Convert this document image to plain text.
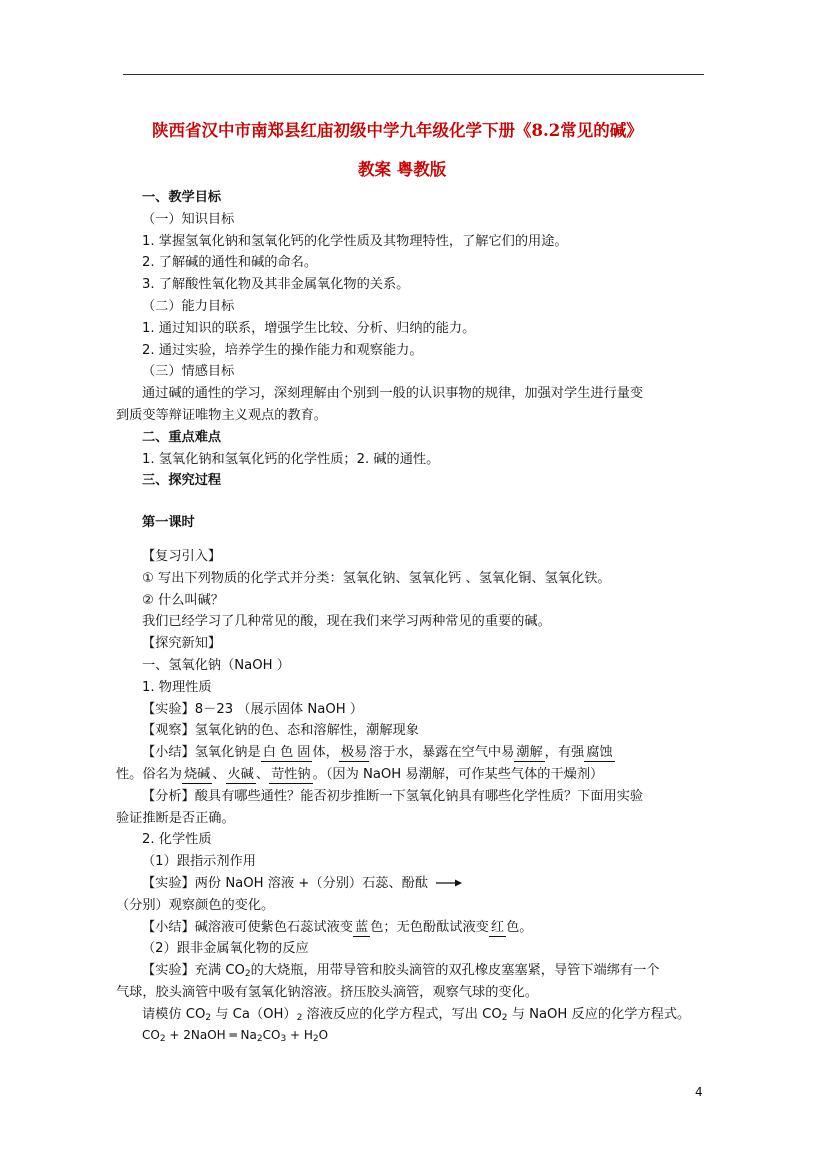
陕西省汉中市南郑县红庙初级中学九年级化学下册《8.2常见的碱》
教案 粤教版
一、教学目标
（一）知识目标
1. 掌握氢氧化钠和氢氧化钙的化学性质及其物理特性，了解它们的用途。
2. 了解碱的通性和碱的命名。
3. 了解酸性氧化物及其非金属氧化物的关系。
（二）能力目标
1. 通过知识的联系，增强学生比较、分析、归纳的能力。
2. 通过实验，培养学生的操作能力和观察能力。
（三）情感目标
通过碱的通性的学习，深刻理解由个别到一般的认识事物的规律，加强对学生进行量变
到质变等辩证唯物主义观点的教育。
二、重点难点
1. 氢氧化钠和氢氧化钙的化学性质；2. 碱的通性。
三、探究过程
第一课时
【复习引入】
① 写出下列物质的化学式并分类：氢氧化钠、氢氧化钙 、氢氧化铜、氢氧化铁。
② 什么叫碱？
我们已经学习了几种常见的酸，现在我们来学习两种常见的重要的碱。
【探究新知】
一、氢氧化钠（NaOH ）
1. 物理性质
【实验】8－23 （展示固体 NaOH ）
【观察】氢氧化钠的色、态和溶解性，潮解现象
【小结】氢氧化钠是 白 色 固 体， 极易 溶于水，暴露在空气中易 潮解 ，有强 腐蚀
性。俗名为 烧碱 、 火碱 、 苛性钠 。（因为 NaOH 易潮解，可作某些气体的干燥剂）
【分析】酸具有哪些通性？能否初步推断一下氢氧化钠具有哪些化学性质？下面用实验
验证推断是否正确。
2. 化学性质
（1）跟指示剂作用
【实验】两份 NaOH 溶液 +（分别）石蕊、酚酞
（分别）观察颜色的变化。
【小结】碱溶液可使紫色石蕊试液变 蓝 色；无色酚酞试液变 红 色。
（2）跟非金属氧化物的反应
【实验】充满 $CO_2$的大烧瓶，用带导管和胶头滴管的双孔橡皮塞塞紧，导管下端绑有一个
气球，胶头滴管中吸有氢氧化钠溶液。挤压胶头滴管，观察气球的变化。
请模仿 $CO_2$ 与 $Ca(OH)_2$ 溶液反应的化学方程式，写出 $CO_2$ 与 NaOH 反应的化学方程式。
$CO_2$ + 2NaOH ═ $Na_2CO_3 + H_2O$
4
